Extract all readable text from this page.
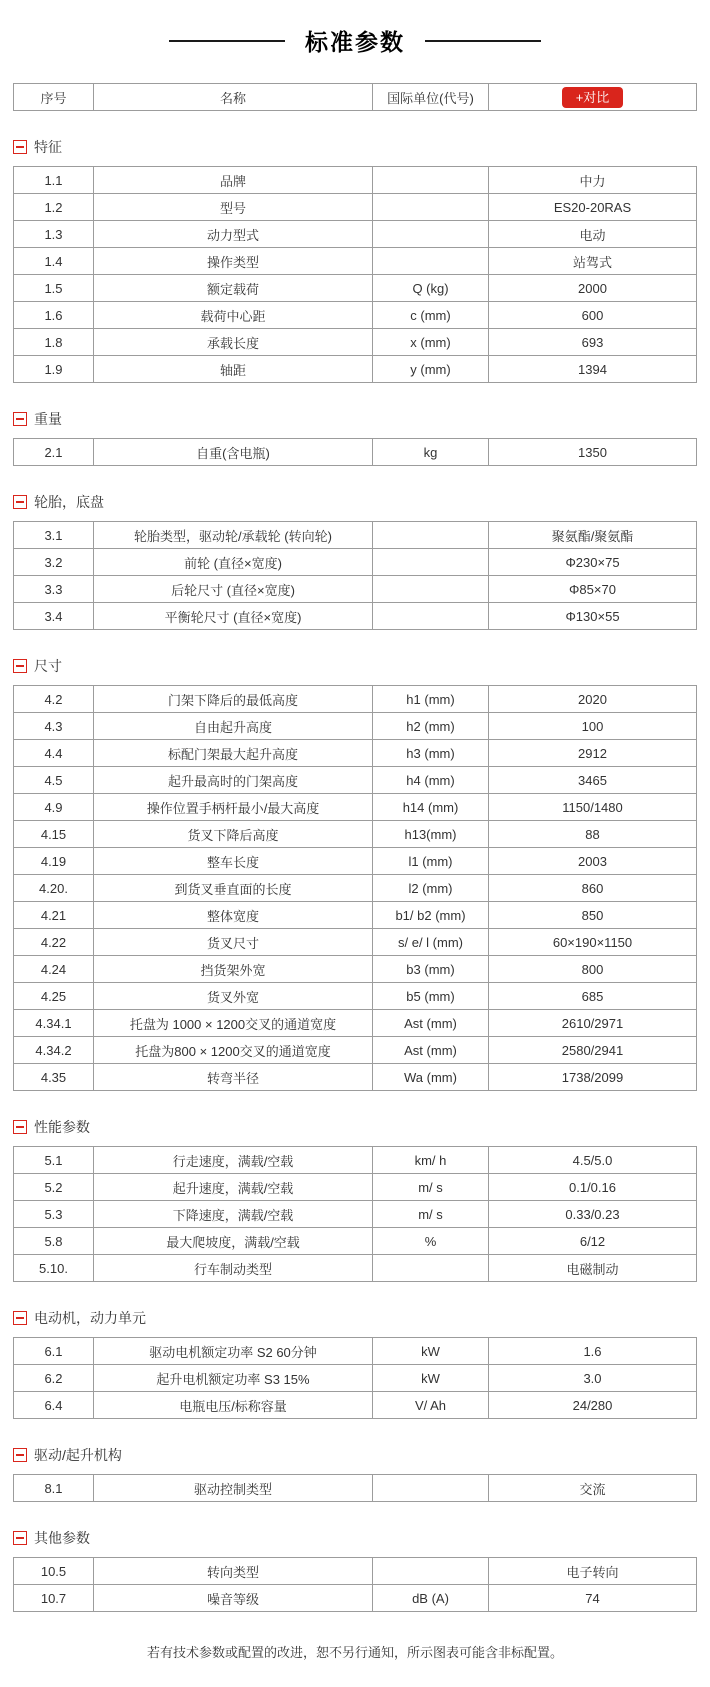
标准参数
序号	名称	国际单位(代号)	+对比
特征
1.1	品牌		中力
1.2	型号		ES20-20RAS
1.3	动力型式		电动
1.4	操作类型		站驾式
1.5	额定载荷	Q (kg)	2000
1.6	载荷中心距	c (mm)	600
1.8	承载长度	x (mm)	693
1.9	轴距	y (mm)	1394
重量
2.1	自重(含电瓶)	kg	1350
轮胎，底盘
3.1	轮胎类型，驱动轮/承载轮 (转向轮)		聚氨酯/聚氨酯
3.2	前轮 (直径×宽度)		Φ230×75
3.3	后轮尺寸 (直径×宽度)		Φ85×70
3.4	平衡轮尺寸 (直径×宽度)		Φ130×55
尺寸
4.2	门架下降后的最低高度	h1 (mm)	2020
4.3	自由起升高度	h2 (mm)	100
4.4	标配门架最大起升高度	h3 (mm)	2912
4.5	起升最高时的门架高度	h4 (mm)	3465
4.9	操作位置手柄杆最小/最大高度	h14 (mm)	1150/1480
4.15	货叉下降后高度	h13(mm)	88
4.19	整车长度	l1 (mm)	2003
4.20.	到货叉垂直面的长度	l2 (mm)	860
4.21	整体宽度	b1/ b2 (mm)	850
4.22	货叉尺寸	s/ e/ l (mm)	60×190×1150
4.24	挡货架外宽	b3 (mm)	800
4.25	货叉外宽	b5 (mm)	685
4.34.1	托盘为 1000 × 1200交叉的通道宽度	Ast (mm)	2610/2971
4.34.2	托盘为800 × 1200交叉的通道宽度	Ast (mm)	2580/2941
4.35	转弯半径	Wa (mm)	1738/2099
性能参数
5.1	行走速度，满载/空载	km/ h	4.5/5.0
5.2	起升速度，满载/空载	m/ s	0.1/0.16
5.3	下降速度，满载/空载	m/ s	0.33/0.23
5.8	最大爬坡度，满载/空载	%	6/12
5.10.	行车制动类型		电磁制动
电动机，动力单元
6.1	驱动电机额定功率 S2 60分钟	kW	1.6
6.2	起升电机额定功率 S3 15%	kW	3.0
6.4	电瓶电压/标称容量	V/ Ah	24/280
驱动/起升机构
8.1	驱动控制类型		交流
其他参数
10.5	转向类型		电子转向
10.7	噪音等级	dB (A)	74
若有技术参数或配置的改进，恕不另行通知，所示图表可能含非标配置。
